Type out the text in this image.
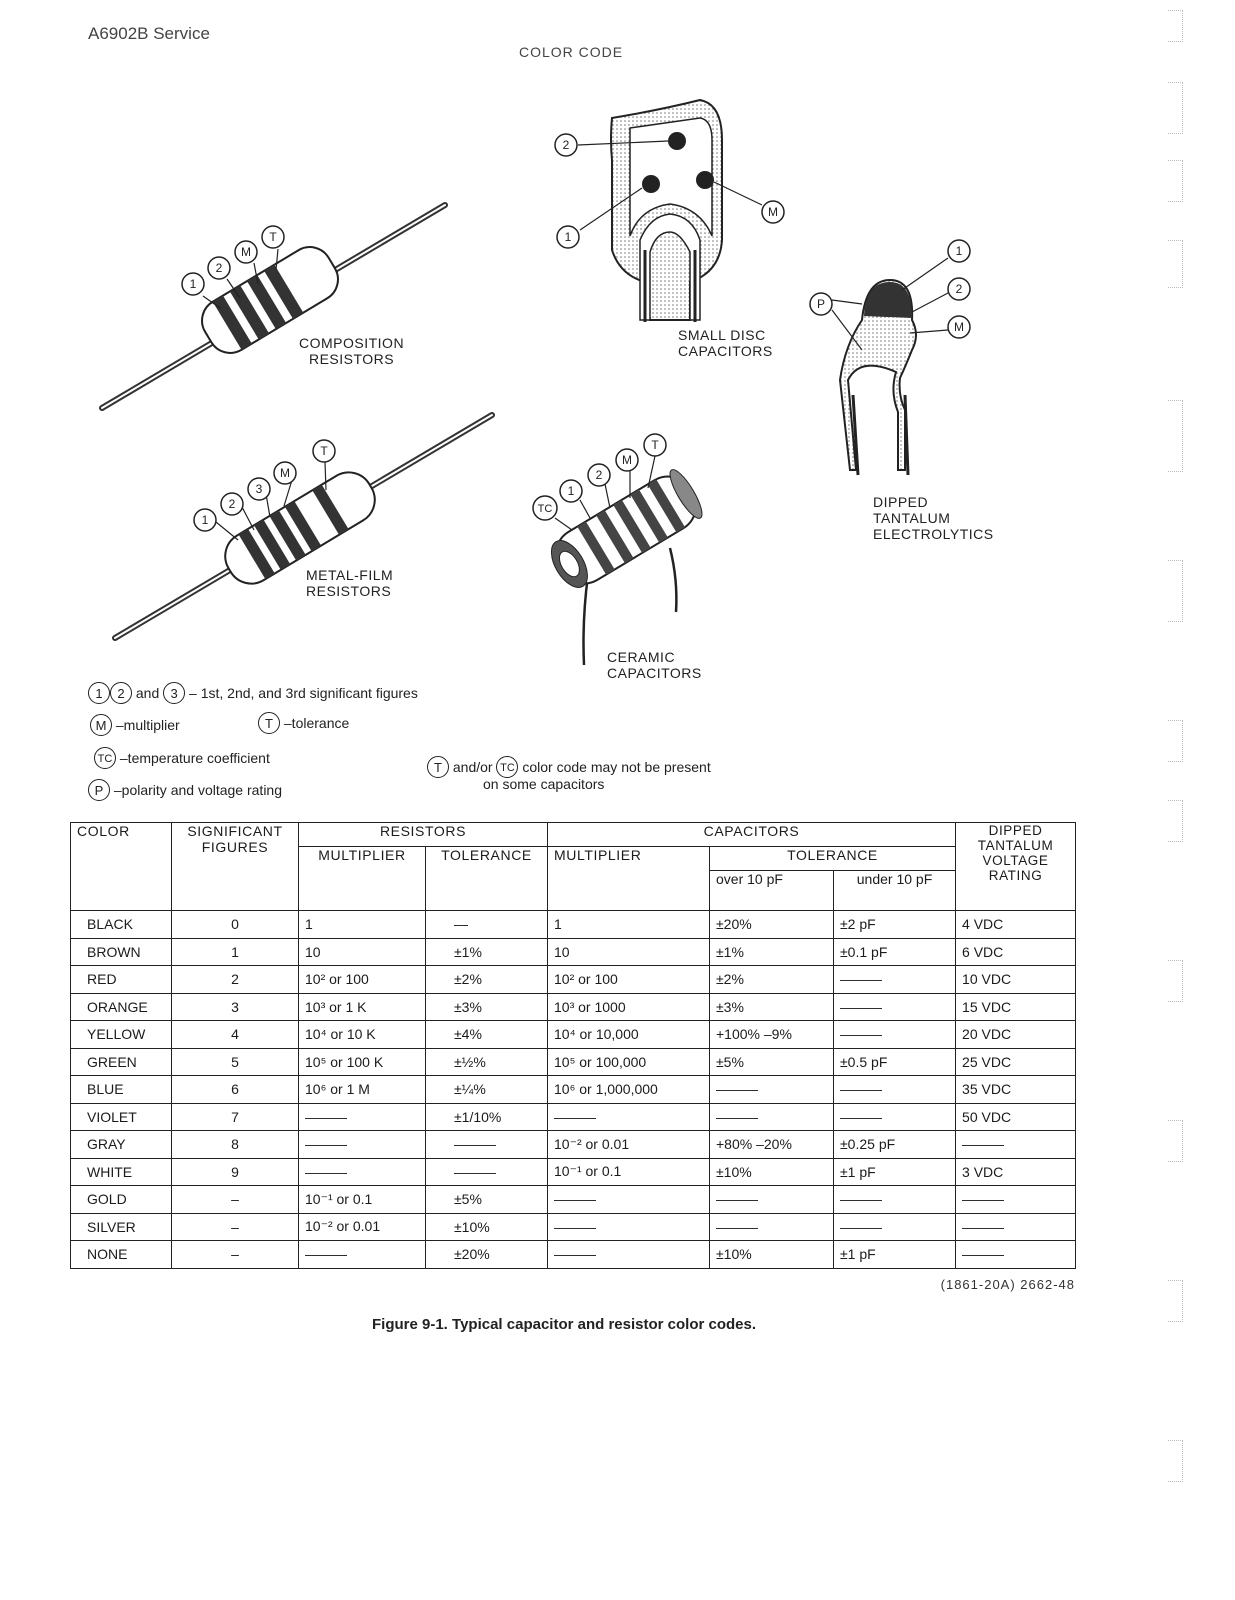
A6902B Service
COLOR CODE
1
2
M
T
1
2
3
M
T
2
1
M
1
2
M
P
TC
1
2
M
T
COMPOSITION
RESISTORS
METAL-FILM
RESISTORS
SMALL DISC
CAPACITORS
CERAMIC
CAPACITORS
DIPPED
TANTALUM
ELECTROLYTICS
1 2 and 3 – 1st, 2nd, and 3rd significant figures
M –multiplier	T –tolerance
TC –temperature coefficient
P –polarity and voltage rating
T and/or TC color code may not be present
on some capacitors
COLOR	SIGNIFICANT FIGURES	RESISTORS		CAPACITORS			DIPPED TANTALUM VOLTAGE RATING
		MULTIPLIER	TOLERANCE	MULTIPLIER	TOLERANCE		
					over 10 pF	under 10 pF	
BLACK	0	1	—	1	±20%	±2 pF	4 VDC
BROWN	1	10	±1%	10	±1%	±0.1 pF	6 VDC
RED	2	10² or 100	±2%	10² or 100	±2%	———	10 VDC
ORANGE	3	10³ or 1 K	±3%	10³ or 1000	±3%	———	15 VDC
YELLOW	4	10⁴ or 10 K	±4%	10⁴ or 10,000	+100% –9%	———	20 VDC
GREEN	5	10⁵ or 100 K	±½%	10⁵ or 100,000	±5%	±0.5 pF	25 VDC
BLUE	6	10⁶ or 1 M	±¼%	10⁶ or 1,000,000	———	———	35 VDC
VIOLET	7	———	±1/10%	———	———	———	50 VDC
GRAY	8	———	———	10⁻² or 0.01	+80% –20%	±0.25 pF	———
WHITE	9	———	———	10⁻¹ or 0.1	±10%	±1 pF	3 VDC
GOLD	–	10⁻¹ or 0.1	±5%	———	———	———	———
SILVER	–	10⁻² or 0.01	±10%	———	———	———	———
NONE	–	———	±20%	———	±10%	±1 pF	———
(1861-20A) 2662-48
Figure 9-1. Typical capacitor and resistor color codes.
